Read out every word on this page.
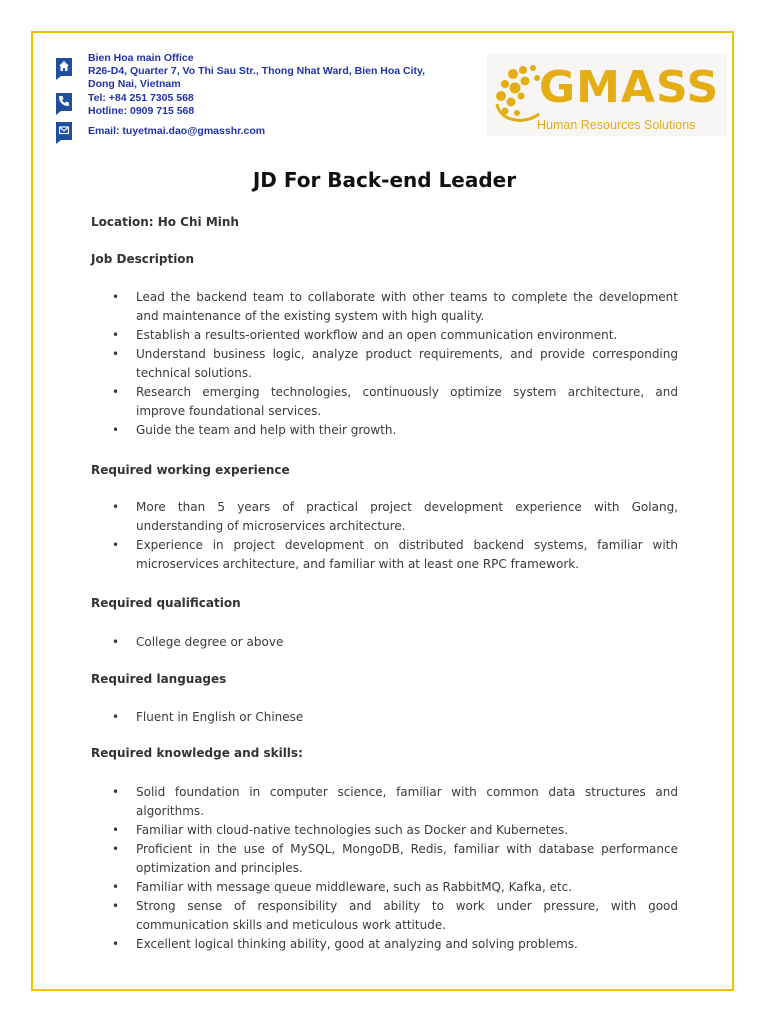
Bien Hoa main Office
R26-D4, Quarter 7, Vo Thi Sau Str., Thong Nhat Ward, Bien Hoa City,
Dong Nai, Vietnam
Tel: +84 251 7305 568
Hotline: 0909 715 568
Email: tuyetmai.dao@gmasshr.com
GMASS
Human Resources Solutions
JD For Back-end Leader
Location: Ho Chi Minh
Job Description
• Lead the backend team to collaborate with other teams to complete the development and maintenance of the existing system with high quality.
• Establish a results-oriented workflow and an open communication environment.
• Understand business logic, analyze product requirements, and provide corresponding technical solutions.
• Research emerging technologies, continuously optimize system architecture, and improve foundational services.
• Guide the team and help with their growth.
Required working experience
• More than 5 years of practical project development experience with Golang, understanding of microservices architecture.
• Experience in project development on distributed backend systems, familiar with microservices architecture, and familiar with at least one RPC framework.
Required qualification
• College degree or above
Required languages
• Fluent in English or Chinese
Required knowledge and skills:
• Solid foundation in computer science, familiar with common data structures and algorithms.
• Familiar with cloud-native technologies such as Docker and Kubernetes.
• Proficient in the use of MySQL, MongoDB, Redis, familiar with database performance optimization and principles.
• Familiar with message queue middleware, such as RabbitMQ, Kafka, etc.
• Strong sense of responsibility and ability to work under pressure, with good communication skills and meticulous work attitude.
• Excellent logical thinking ability, good at analyzing and solving problems.
